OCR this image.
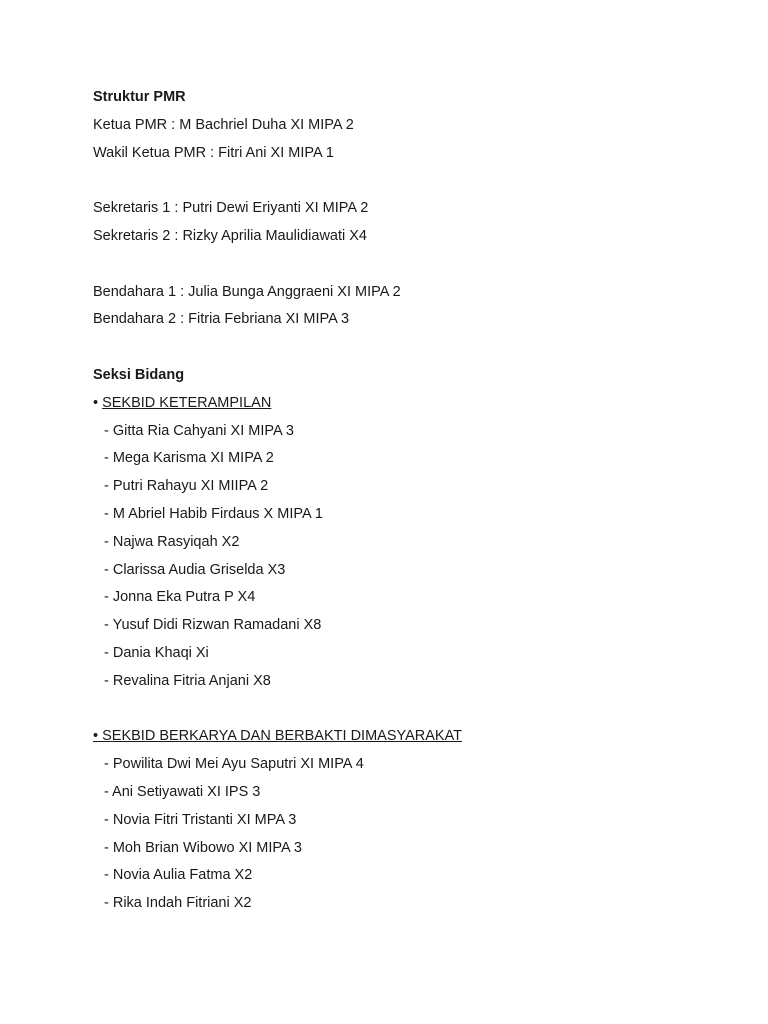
Struktur PMR
Ketua PMR : M Bachriel Duha XI MIPA 2
Wakil Ketua PMR : Fitri Ani XI MIPA 1
Sekretaris 1 : Putri Dewi Eriyanti XI MIPA 2
Sekretaris 2 : Rizky Aprilia Maulidiawati X4
Bendahara 1 : Julia Bunga Anggraeni XI MIPA 2
Bendahara 2 : Fitria Febriana XI MIPA 3
Seksi Bidang
• SEKBID KETERAMPILAN
- Gitta Ria Cahyani XI MIPA 3
- Mega Karisma XI MIPA 2
- Putri Rahayu XI MIIPA 2
- M Abriel Habib Firdaus X MIPA 1
- Najwa Rasyiqah X2
- Clarissa Audia Griselda X3
- Jonna Eka Putra P X4
- Yusuf Didi Rizwan Ramadani X8
- Dania Khaqi Xi
- Revalina Fitria Anjani X8
• SEKBID BERKARYA DAN BERBAKTI DIMASYARAKAT
- Powilita Dwi Mei Ayu Saputri XI MIPA 4
- Ani Setiyawati XI IPS 3
- Novia Fitri Tristanti XI MPA 3
- Moh Brian Wibowo XI MIPA 3
- Novia Aulia Fatma X2
- Rika Indah Fitriani X2
